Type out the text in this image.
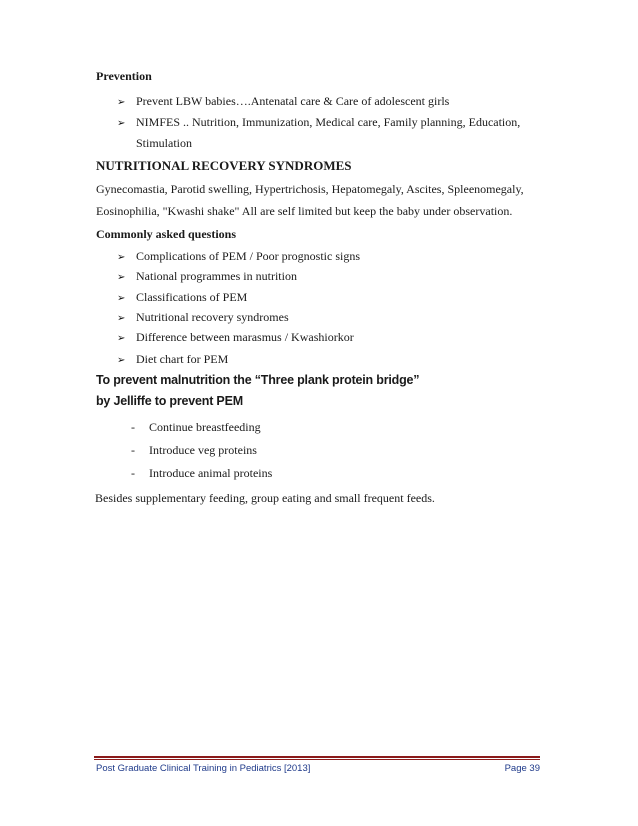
Prevention
➢ Prevent LBW babies….Antenatal care & Care of adolescent girls
➢ NIMFES .. Nutrition, Immunization, Medical care, Family planning, Education,
Stimulation
NUTRITIONAL RECOVERY SYNDROMES
Gynecomastia, Parotid swelling, Hypertrichosis, Hepatomegaly, Ascites, Spleenomegaly,
Eosinophilia, "Kwashi shake" All are self limited but keep the baby under observation.
Commonly asked questions
➢ Complications of PEM / Poor prognostic signs
➢ National programmes in nutrition
➢ Classifications of PEM
➢ Nutritional recovery syndromes
➢ Difference between marasmus / Kwashiorkor
➢ Diet chart for PEM
To prevent malnutrition the “Three plank protein bridge”
by Jelliffe to prevent PEM
-	Continue breastfeeding
-	Introduce veg proteins
-	Introduce animal proteins
Besides supplementary feeding, group eating and small frequent feeds.
Post Graduate Clinical Training in Pediatrics [2013]	Page 39
